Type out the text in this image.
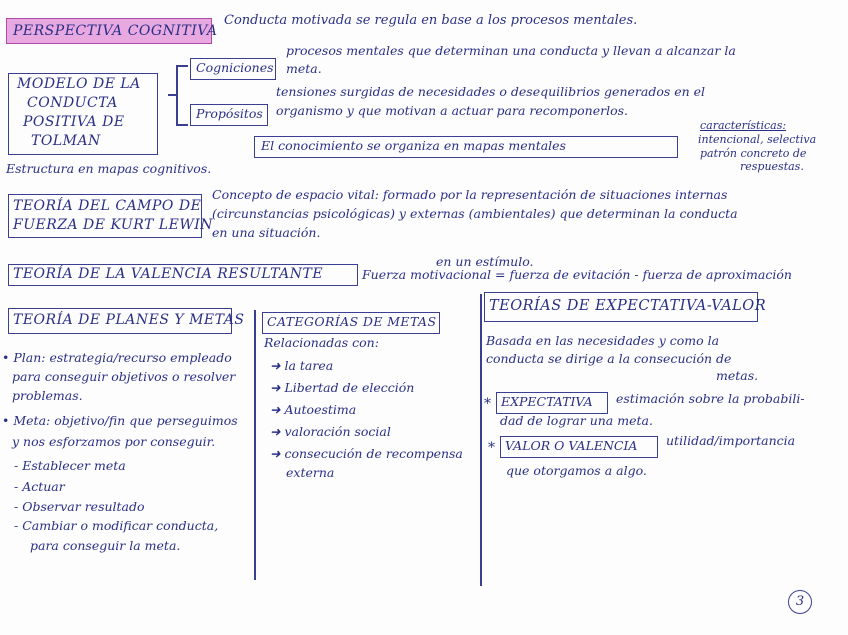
PERSPECTIVA COGNITIVA
Conducta motivada se regula en base a los procesos mentales.
MODELO DE LA
CONDUCTA
POSITIVA DE
TOLMAN
Cogniciones
procesos mentales que determinan una conducta y llevan a alcanzar la
meta.
Propósitos
tensiones surgidas de necesidades o desequilibrios generados en el
organismo y que motivan a actuar para recomponerlos.
El conocimiento se organiza en mapas mentales
características:
intencional, selectiva
patrón concreto de
respuestas.
Estructura en mapas cognitivos.
TEORÍA DEL CAMPO DE
FUERZA DE KURT LEWIN
Concepto de espacio vital: formado por la representación de situaciones internas
(circunstancias psicológicas) y externas (ambientales) que determinan la conducta
en una situación.
TEORÍA DE LA VALENCIA RESULTANTE
en un estímulo.
Fuerza motivacional = fuerza de evitación - fuerza de aproximación
TEORÍA DE PLANES Y METAS
• Plan: estrategia/recurso empleado
para conseguir objetivos o resolver
problemas.
• Meta: objetivo/fin que perseguimos
y nos esforzamos por conseguir.
- Establecer meta
- Actuar
- Observar resultado
- Cambiar o modificar conducta,
para conseguir la meta.
CATEGORÍAS DE METAS
Relacionadas con:
➜ la tarea
➜ Libertad de elección
➜ Autoestima
➜ valoración social
➜ consecución de recompensa
externa
TEORÍAS DE EXPECTATIVA-VALOR
Basada en las necesidades y como la
conducta se dirige a la consecución de
metas.
* EXPECTATIVA estimación sobre la probabili-
dad de lograr una meta.
* VALOR O VALENCIA utilidad/importancia
que otorgamos a algo.
3
